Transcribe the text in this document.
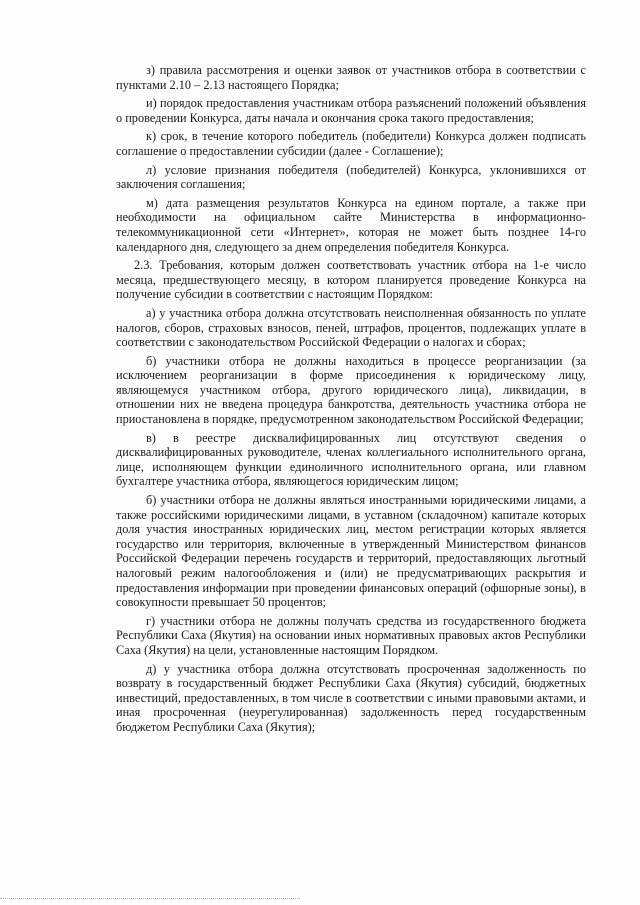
з) правила рассмотрения и оценки заявок от участников отбора в соответствии с пунктами 2.10 – 2.13 настоящего Порядка;

и) порядок предоставления участникам отбора разъяснений положений объявления о проведении Конкурса, даты начала и окончания срока такого предоставления;

к) срок, в течение которого победитель (победители) Конкурса должен подписать соглашение о предоставлении субсидии (далее - Соглашение);

л) условие признания победителя (победителей) Конкурса, уклонившихся от заключения соглашения;

м) дата размещения результатов Конкурса на едином портале, а также при необходимости на официальном сайте Министерства в информационно-телекоммуникационной сети «Интернет», которая не может быть позднее 14-го календарного дня, следующего за днем определения победителя Конкурса.

2.3. Требования, которым должен соответствовать участник отбора на 1-е число месяца, предшествующего месяцу, в котором планируется проведение Конкурса на получение субсидии в соответствии с настоящим Порядком:

а) у участника отбора должна отсутствовать неисполненная обязанность по уплате налогов, сборов, страховых взносов, пеней, штрафов, процентов, подлежащих уплате в соответствии с законодательством Российской Федерации о налогах и сборах;

б) участники отбора не должны находиться в процессе реорганизации (за исключением реорганизации в форме присоединения к юридическому лицу, являющемуся участником отбора, другого юридического лица), ликвидации, в отношении них не введена процедура банкротства, деятельность участника отбора не приостановлена в порядке, предусмотренном законодательством Российской Федерации;

в) в реестре дисквалифицированных лиц отсутствуют сведения о дисквалифицированных руководителе, членах коллегиального исполнительного органа, лице, исполняющем функции единоличного исполнительного органа, или главном бухгалтере участника отбора, являющегося юридическим лицом;

б) участники отбора не должны являться иностранными юридическими лицами, а также российскими юридическими лицами, в уставном (складочном) капитале которых доля участия иностранных юридических лиц, местом регистрации которых является государство или территория, включенные в утвержденный Министерством финансов Российской Федерации перечень государств и территорий, предоставляющих льготный налоговый режим налогообложения и (или) не предусматривающих раскрытия и предоставления информации при проведении финансовых операций (офшорные зоны), в совокупности превышает 50 процентов;

г) участники отбора не должны получать средства из государственного бюджета Республики Саха (Якутия) на основании иных нормативных правовых актов Республики Саха (Якутия) на цели, установленные настоящим Порядком.

д) у участника отбора должна отсутствовать просроченная задолженность по возврату в государственный бюджет Республики Саха (Якутия) субсидий, бюджетных инвестиций, предоставленных, в том числе в соответствии с иными правовыми актами, и иная просроченная (неурегулированная) задолженность перед государственным бюджетом Республики Саха (Якутия);
